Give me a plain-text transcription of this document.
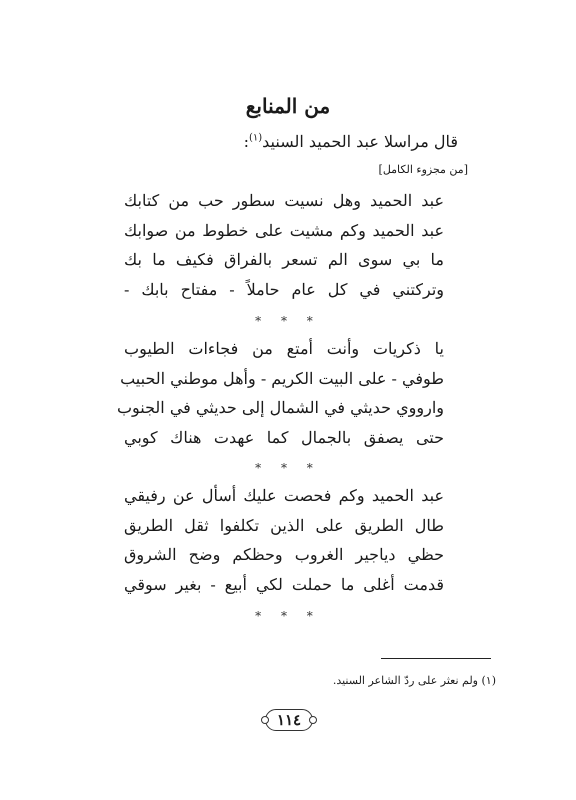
من المنابع
قال مراسلا عبد الحميد السنيد$^{(١)}$:
[من مجزوء الكامل]
عبد الحميد وهل نسيت سطور حب من كتابك
عبد الحميد وكم مشيت على خطوط من صوابك
ما بي سوى الم تسعر بالفراق فكيف ما بك
وتركتني في كل عام حاملاً - مفتاح بابك -
* * *
يا ذكريات وأنت أمتع من فجاءات الطيوب
طوفي - على البيت الكريم - وأهل موطني الحبيب
وارووي حديثي في الشمال إلى حديثي في الجنوب
حتى يصفق بالجمال كما عهدت هناك كوبي
* * *
عبد الحميد وكم فحصت عليك أسأل عن رفيقي
طال الطريق على الذين تكلفوا ثقل الطريق
حظي دياجير الغروب وحظكم وضح الشروق
قدمت أغلى ما حملت لكي أبيع - بغير سوقي
* * *
(١) ولم نعثر على ردّ الشاعر السنيد.
١١٤
